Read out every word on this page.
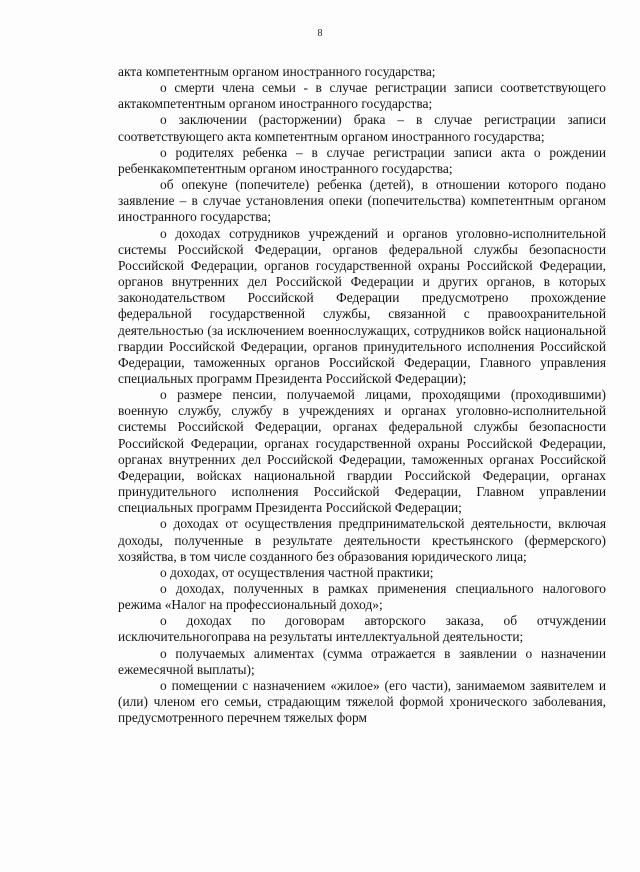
8

акта компетентным органом иностранного государства;

о смерти члена семьи - в случае регистрации записи соответствующего актакомпетентным органом иностранного государства;

о заключении (расторжении) брака – в случае регистрации записи соответствующего акта компетентным органом иностранного государства;

о родителях ребенка – в случае регистрации записи акта о рождении ребенкакомпетентным органом иностранного государства;

об опекуне (попечителе) ребенка (детей), в отношении которого подано заявление – в случае установления опеки (попечительства) компетентным органом иностранного государства;

о доходах сотрудников учреждений и органов уголовно-исполнительной системы Российской Федерации, органов федеральной службы безопасности Российской Федерации, органов государственной охраны Российской Федерации, органов внутренних дел Российской Федерации и других органов, в которых законодательством Российской Федерации предусмотрено прохождение федеральной государственной службы, связанной с правоохранительной деятельностью (за исключением военнослужащих, сотрудников войск национальной гвардии Российской Федерации, органов принудительного исполнения Российской Федерации, таможенных органов Российской Федерации, Главного управления специальных программ Президента Российской Федерации);

о размере пенсии, получаемой лицами, проходящими (проходившими) военную службу, службу в учреждениях и органах уголовно-исполнительной системы Российской Федерации, органах федеральной службы безопасности Российской Федерации, органах государственной охраны Российской Федерации, органах внутренних дел Российской Федерации, таможенных органах Российской Федерации, войсках национальной гвардии Российской Федерации, органах принудительного исполнения Российской Федерации, Главном управлении специальных программ Президента Российской Федерации;

о доходах от осуществления предпринимательской деятельности, включая доходы, полученные в результате деятельности крестьянского (фермерского) хозяйства, в том числе созданного без образования юридического лица;

о доходах, от осуществления частной практики;

о доходах, полученных в рамках применения специального налогового режима «Налог на профессиональный доход»;

о доходах по договорам авторского заказа, об отчуждении исключительногоправа на результаты интеллектуальной деятельности;

о получаемых алиментах (сумма отражается в заявлении о назначении ежемесячной выплаты);

о помещении с назначением «жилое» (его части), занимаемом заявителем и (или) членом его семьи, страдающим тяжелой формой хронического заболевания, предусмотренного перечнем тяжелых форм
